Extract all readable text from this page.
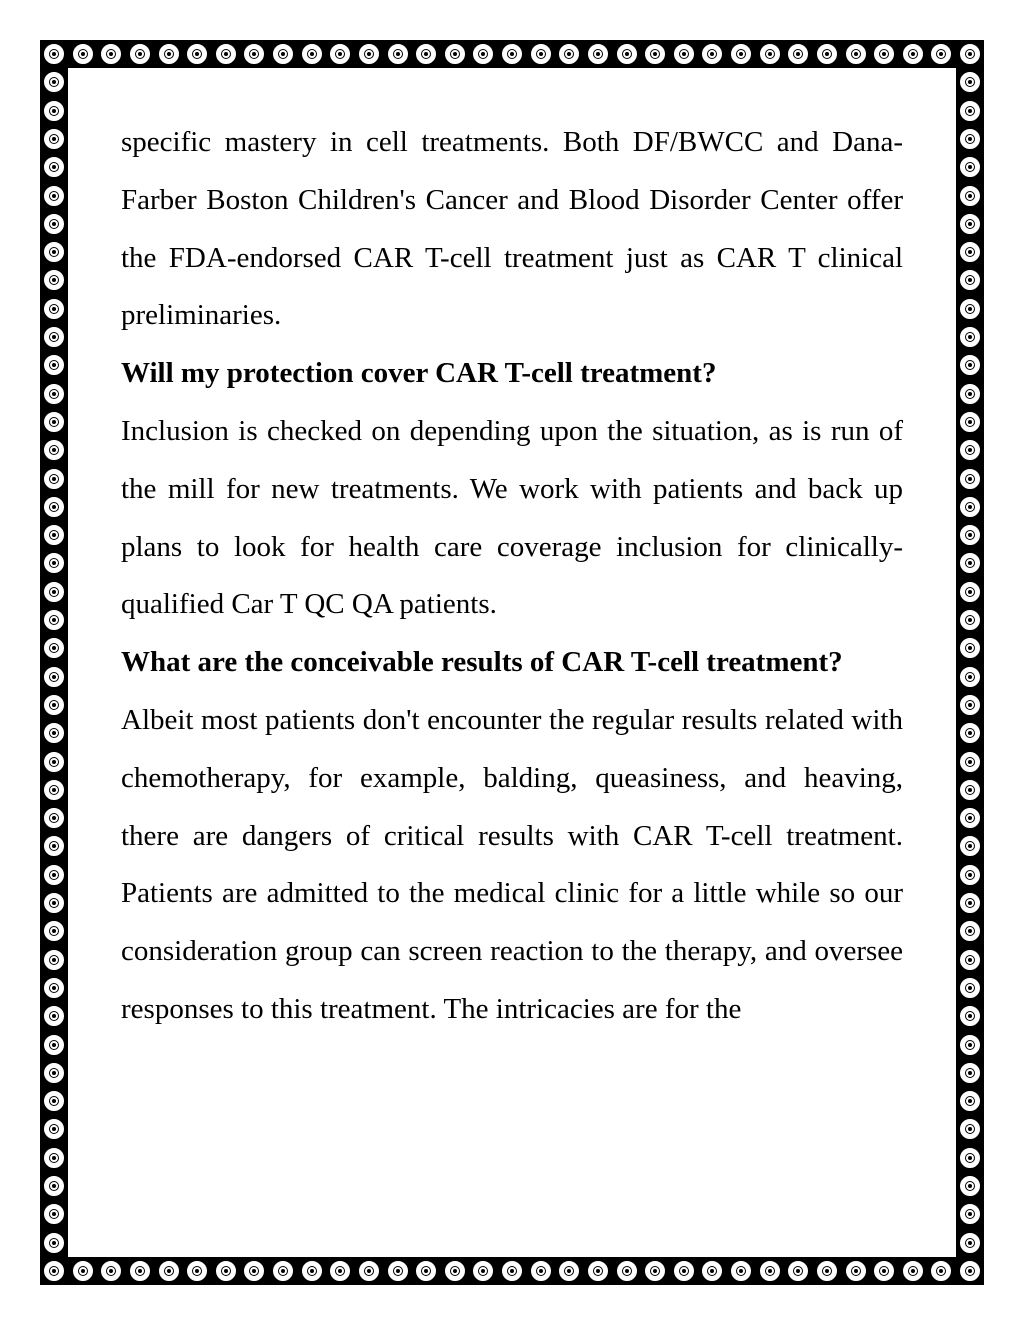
specific mastery in cell treatments. Both DF/BWCC and Dana-Farber Boston Children's Cancer and Blood Disorder Center offer the FDA-endorsed CAR T-cell treatment just as CAR T clinical preliminaries.

Will my protection cover CAR T-cell treatment?

Inclusion is checked on depending upon the situation, as is run of the mill for new treatments. We work with patients and back up plans to look for health care coverage inclusion for clinically-qualified Car T QC QA patients.

What are the conceivable results of CAR T-cell treatment?

Albeit most patients don't encounter the regular results related with chemotherapy, for example, balding, queasiness, and heaving, there are dangers of critical results with CAR T-cell treatment. Patients are admitted to the medical clinic for a little while so our consideration group can screen reaction to the therapy, and oversee responses to this treatment. The intricacies are for the
